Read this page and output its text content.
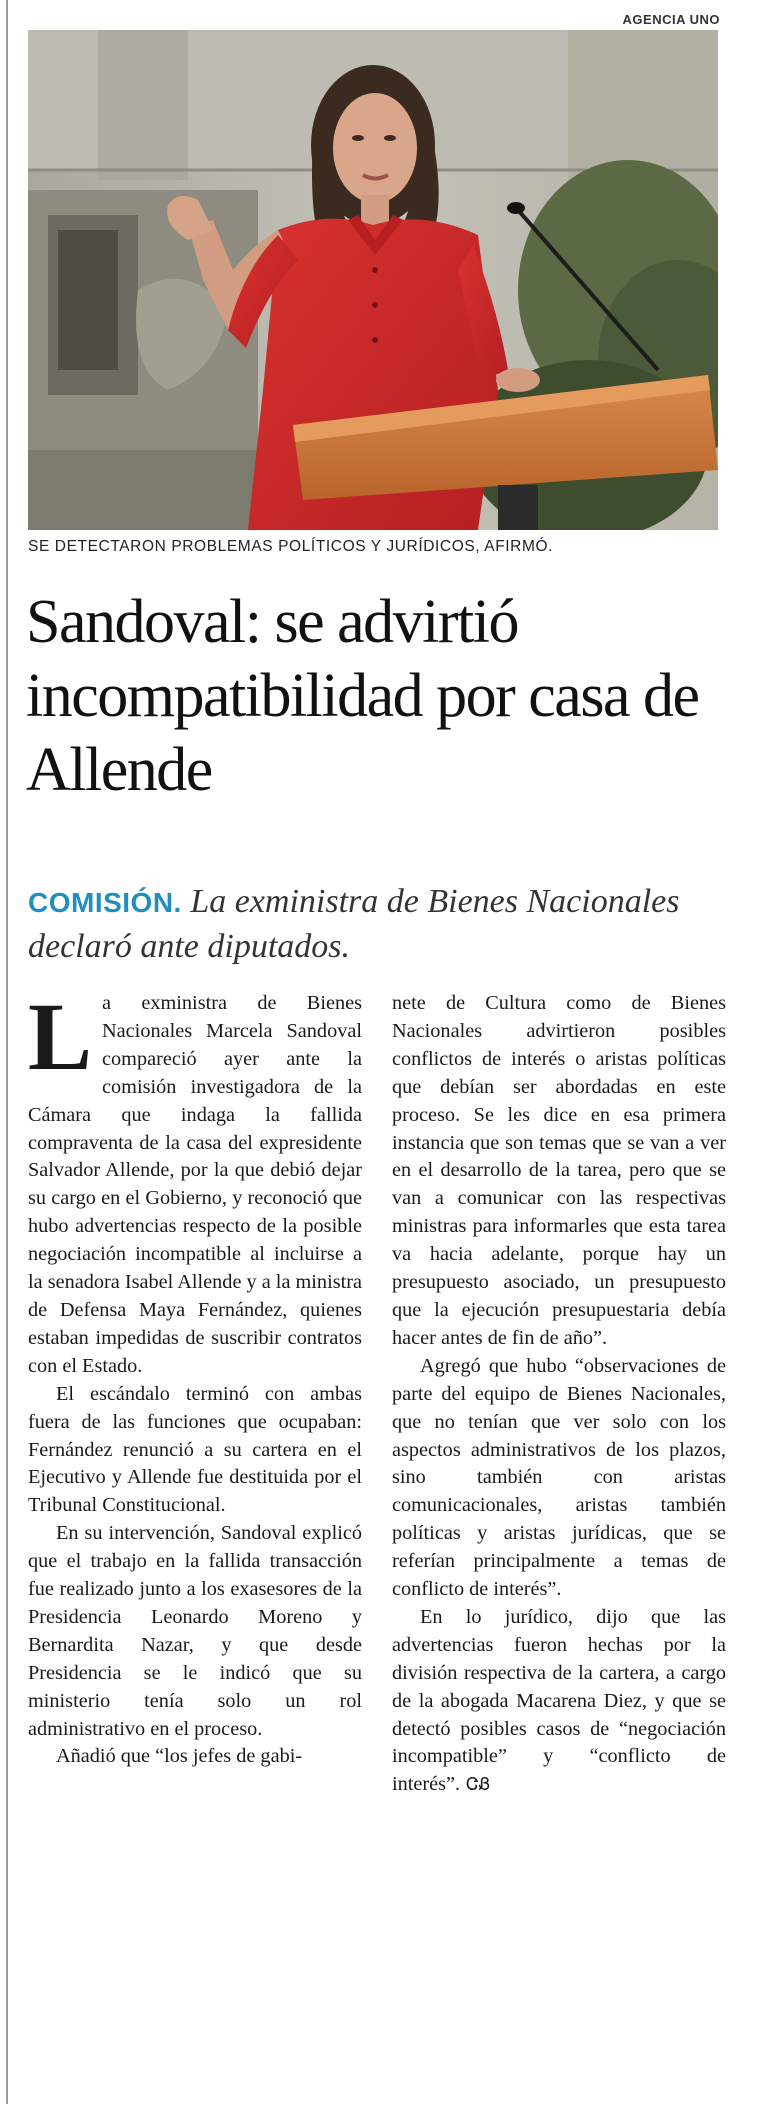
AGENCIA UNO
SE DETECTARON PROBLEMAS POLÍTICOS Y JURÍDICOS, AFIRMÓ.
Sandoval: se advirtió incompatibilidad por casa de Allende
COMISIÓN. La exministra de Bienes Nacionales declaró ante diputados.

La exministra de Bienes Nacionales Marcela Sandoval compareció ayer ante la comisión investigadora de la Cámara que indaga la fallida compraventa de la casa del expresidente Salvador Allende, por la que debió dejar su cargo en el Gobierno, y reconoció que hubo advertencias respecto de la posible negociación incompatible al incluirse a la senadora Isabel Allende y a la ministra de Defensa Maya Fernández, quienes estaban impedidas de suscribir contratos con el Estado.

El escándalo terminó con ambas fuera de las funciones que ocupaban: Fernández renunció a su cartera en el Ejecutivo y Allende fue destituida por el Tribunal Constitucional.

En su intervención, Sandoval explicó que el trabajo en la fallida transacción fue realizado junto a los exasesores de la Presidencia Leonardo Moreno y Bernardita Nazar, y que desde Presidencia se le indicó que su ministerio tenía solo un rol administrativo en el proceso.

Añadió que “los jefes de gabi-

nete de Cultura como de Bienes Nacionales advirtieron posibles conflictos de interés o aristas políticas que debían ser abordadas en este proceso. Se les dice en esa primera instancia que son temas que se van a ver en el desarrollo de la tarea, pero que se van a comunicar con las respectivas ministras para informarles que esta tarea va hacia adelante, porque hay un presupuesto asociado, un presupuesto que la ejecución presupuestaria debía hacer antes de fin de año”.

Agregó que hubo “observaciones de parte del equipo de Bienes Nacionales, que no tenían que ver solo con los aspectos administrativos de los plazos, sino también con aristas comunicacionales, aristas también políticas y aristas jurídicas, que se referían principalmente a temas de conflicto de interés”.

En lo jurídico, dijo que las advertencias fueron hechas por la división respectiva de la cartera, a cargo de la abogada Macarena Diez, y que se detectó posibles casos de “negociación incompatible” y “conflicto de interés”. ᏣᏰ
